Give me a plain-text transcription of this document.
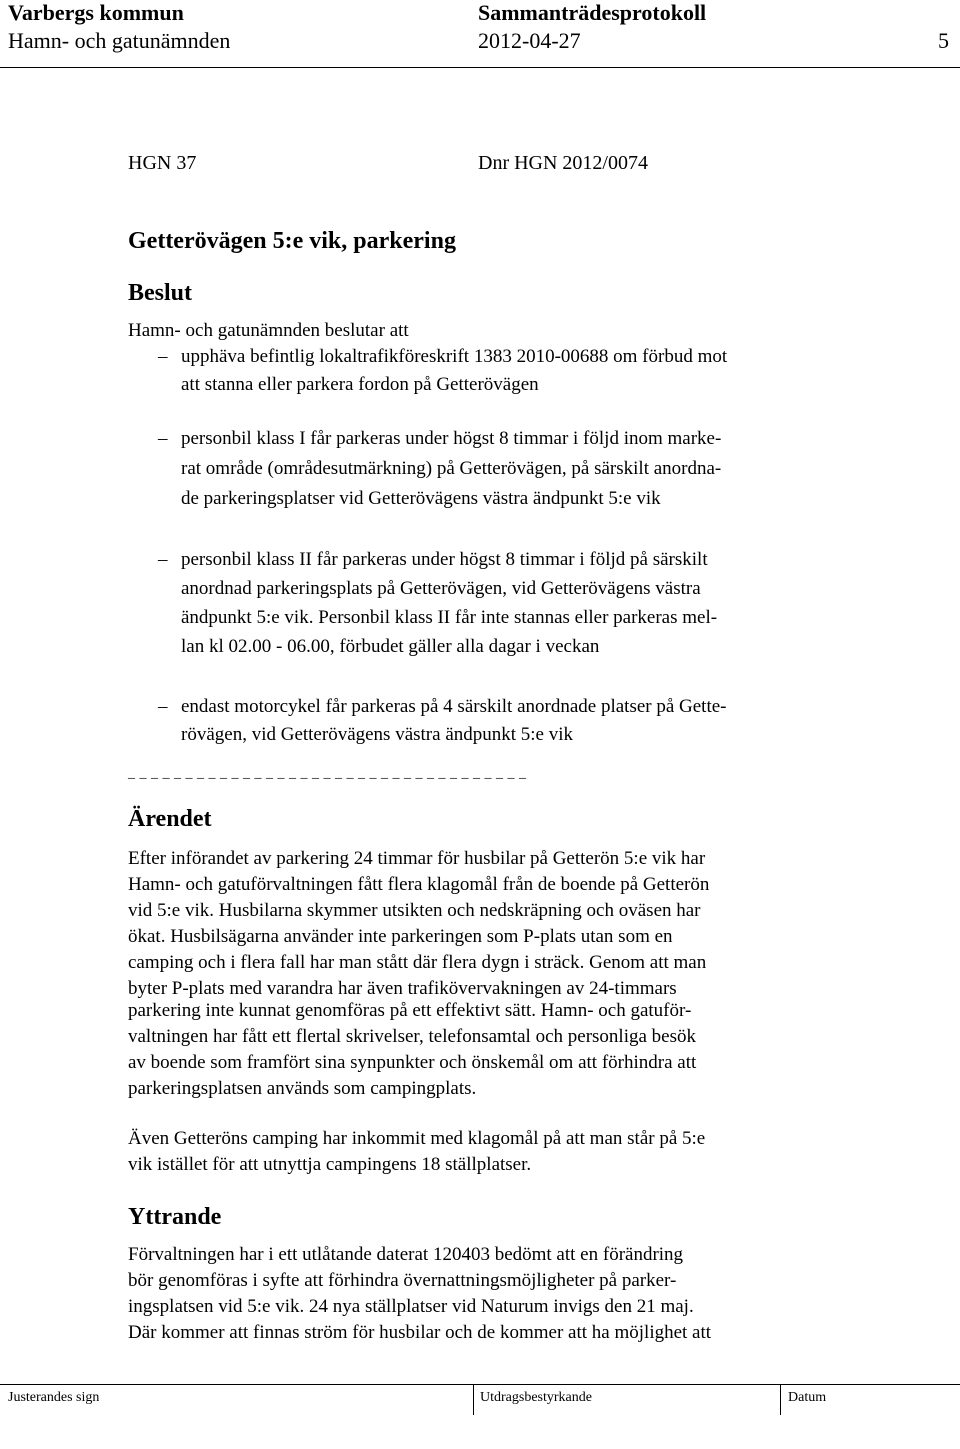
Varbergs kommun	Sammanträdesprotokoll
Hamn- och gatunämnden	2012-04-27	5
HGN 37	Dnr HGN 2012/0074
Getterövägen 5:e vik, parkering
Beslut
Hamn- och gatunämnden beslutar att
– upphäva befintlig lokaltrafikföreskrift 1383 2010-00688 om förbud mot
att stanna eller parkera fordon på Getterövägen
– personbil klass I får parkeras under högst 8 timmar i följd inom marke-
rat område (områdesutmärkning) på Getterövägen, på särskilt anordna-
de parkeringsplatser vid Getterövägens västra ändpunkt 5:e vik
– personbil klass II får parkeras under högst 8 timmar i följd på särskilt
anordnad parkeringsplats på Getterövägen, vid Getterövägens västra
ändpunkt 5:e vik. Personbil klass II får inte stannas eller parkeras mel-
lan kl 02.00 - 06.00, förbudet gäller alla dagar i veckan
– endast motorcykel får parkeras på 4 särskilt anordnade platser på Gette-
rövägen, vid Getterövägens västra ändpunkt 5:e vik
_ _ _ _ _ _ _ _ _ _ _ _ _ _ _ _ _ _ _ _ _ _ _ _ _ _ _ _ _ _ _ _ _ _ _
Ärendet
Efter införandet av parkering 24 timmar för husbilar på Getterön 5:e vik har
Hamn- och gatuförvaltningen fått flera klagomål från de boende på Getterön
vid 5:e vik. Husbilarna skymmer utsikten och nedskräpning och oväsen har
ökat. Husbilsägarna använder inte parkeringen som P-plats utan som en
camping och i flera fall har man stått där flera dygn i sträck. Genom att man
byter P-plats med varandra har även trafikövervakningen av 24-timmars
parkering inte kunnat genomföras på ett effektivt sätt. Hamn- och gatuför-
valtningen har fått ett flertal skrivelser, telefonsamtal och personliga besök
av boende som framfört sina synpunkter och önskemål om att förhindra att
parkeringsplatsen används som campingplats.
Även Getteröns camping har inkommit med klagomål på att man står på 5:e
vik istället för att utnyttja campingens 18 ställplatser.
Yttrande
Förvaltningen har i ett utlåtande daterat 120403 bedömt att en förändring
bör genomföras i syfte att förhindra övernattningsmöjligheter på parker-
ingsplatsen vid 5:e vik. 24 nya ställplatser vid Naturum invigs den 21 maj.
Där kommer att finnas ström för husbilar och de kommer att ha möjlighet att
Justerandes sign	Utdragsbestyrkande	Datum
